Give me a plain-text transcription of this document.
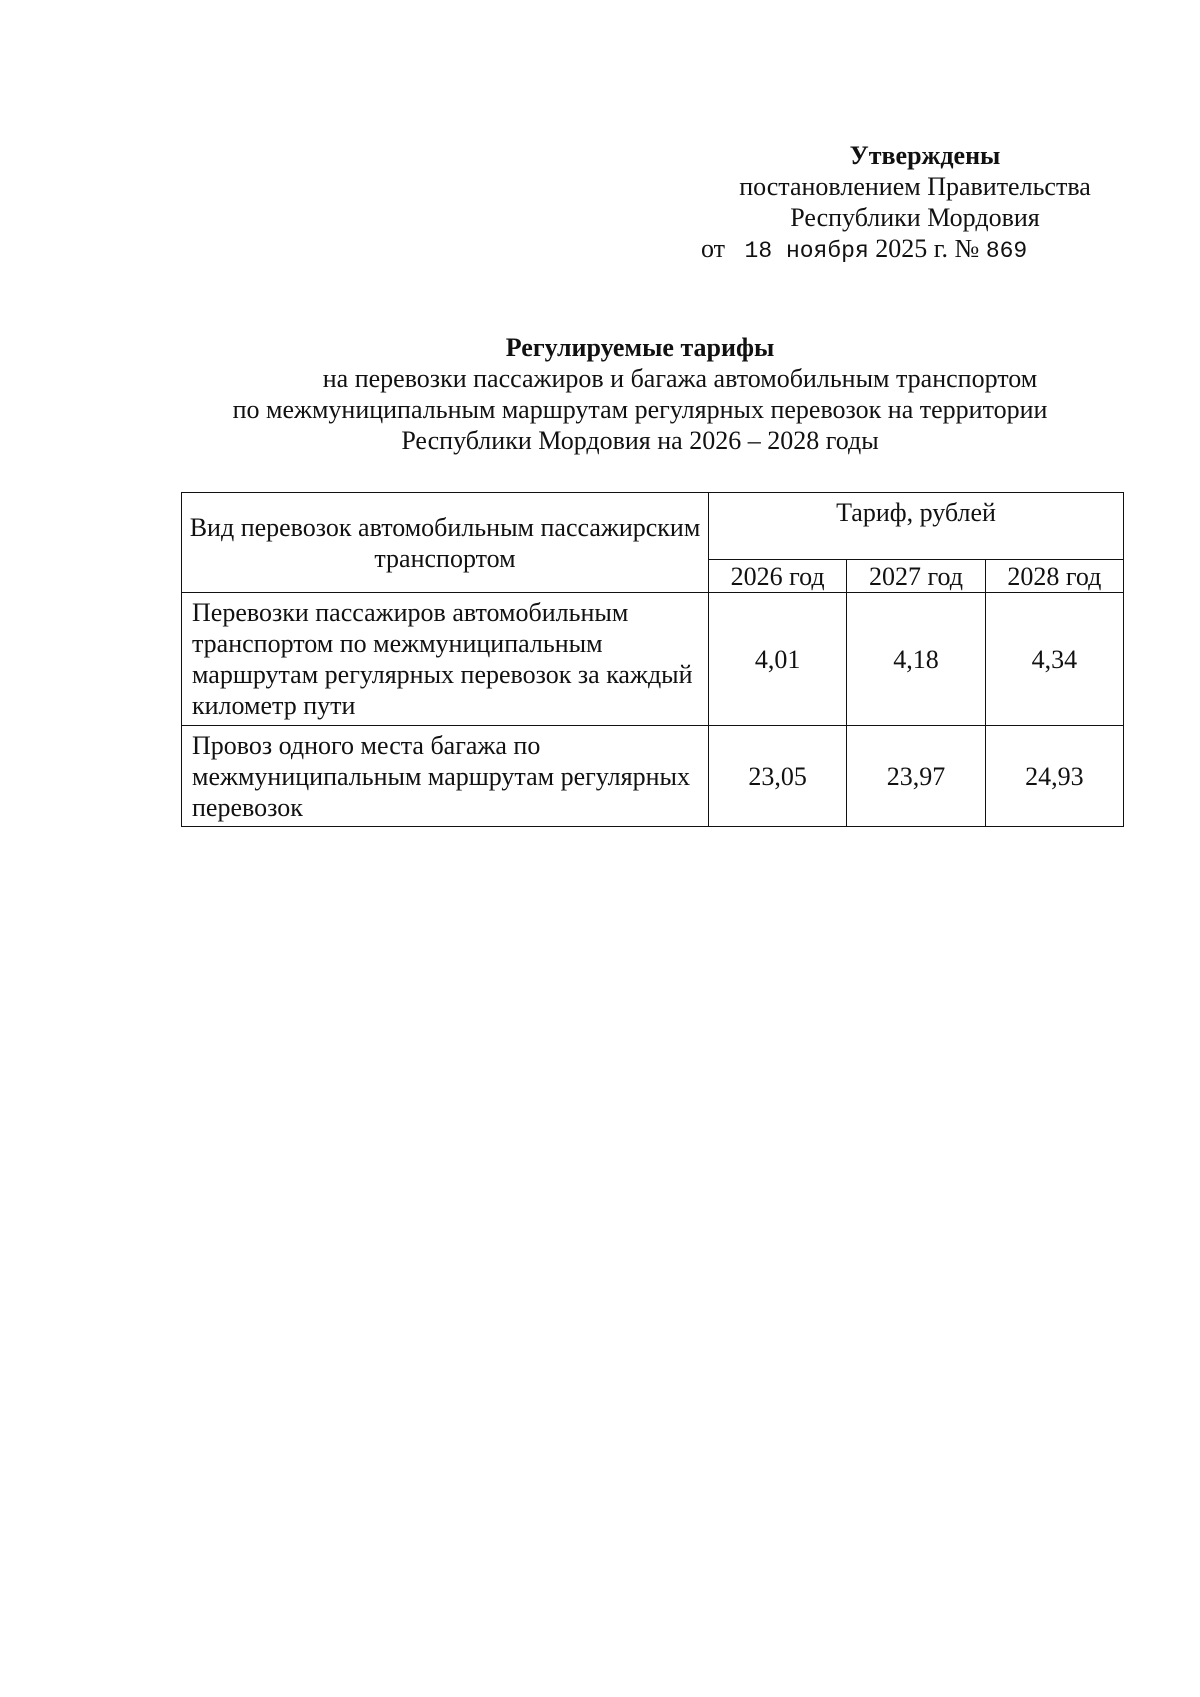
Утверждены
постановлением Правительства
Республики Мордовия
от 18 ноября 2025 г. № 869
Регулируемые тарифы
на перевозки пассажиров и багажа автомобильным транспортом
по межмуниципальным маршрутам регулярных перевозок на территории
Республики Мордовия на 2026 – 2028 годы
Вид перевозок автомобильным пассажирским транспортом	Тариф, рублей		
	2026 год	2027 год	2028 год
Перевозки пассажиров автомобильным транспортом по межмуниципальным маршрутам регулярных перевозок за каждый километр пути	4,01	4,18	4,34
Провоз одного места багажа по межмуниципальным маршрутам регулярных перевозок	23,05	23,97	24,93
